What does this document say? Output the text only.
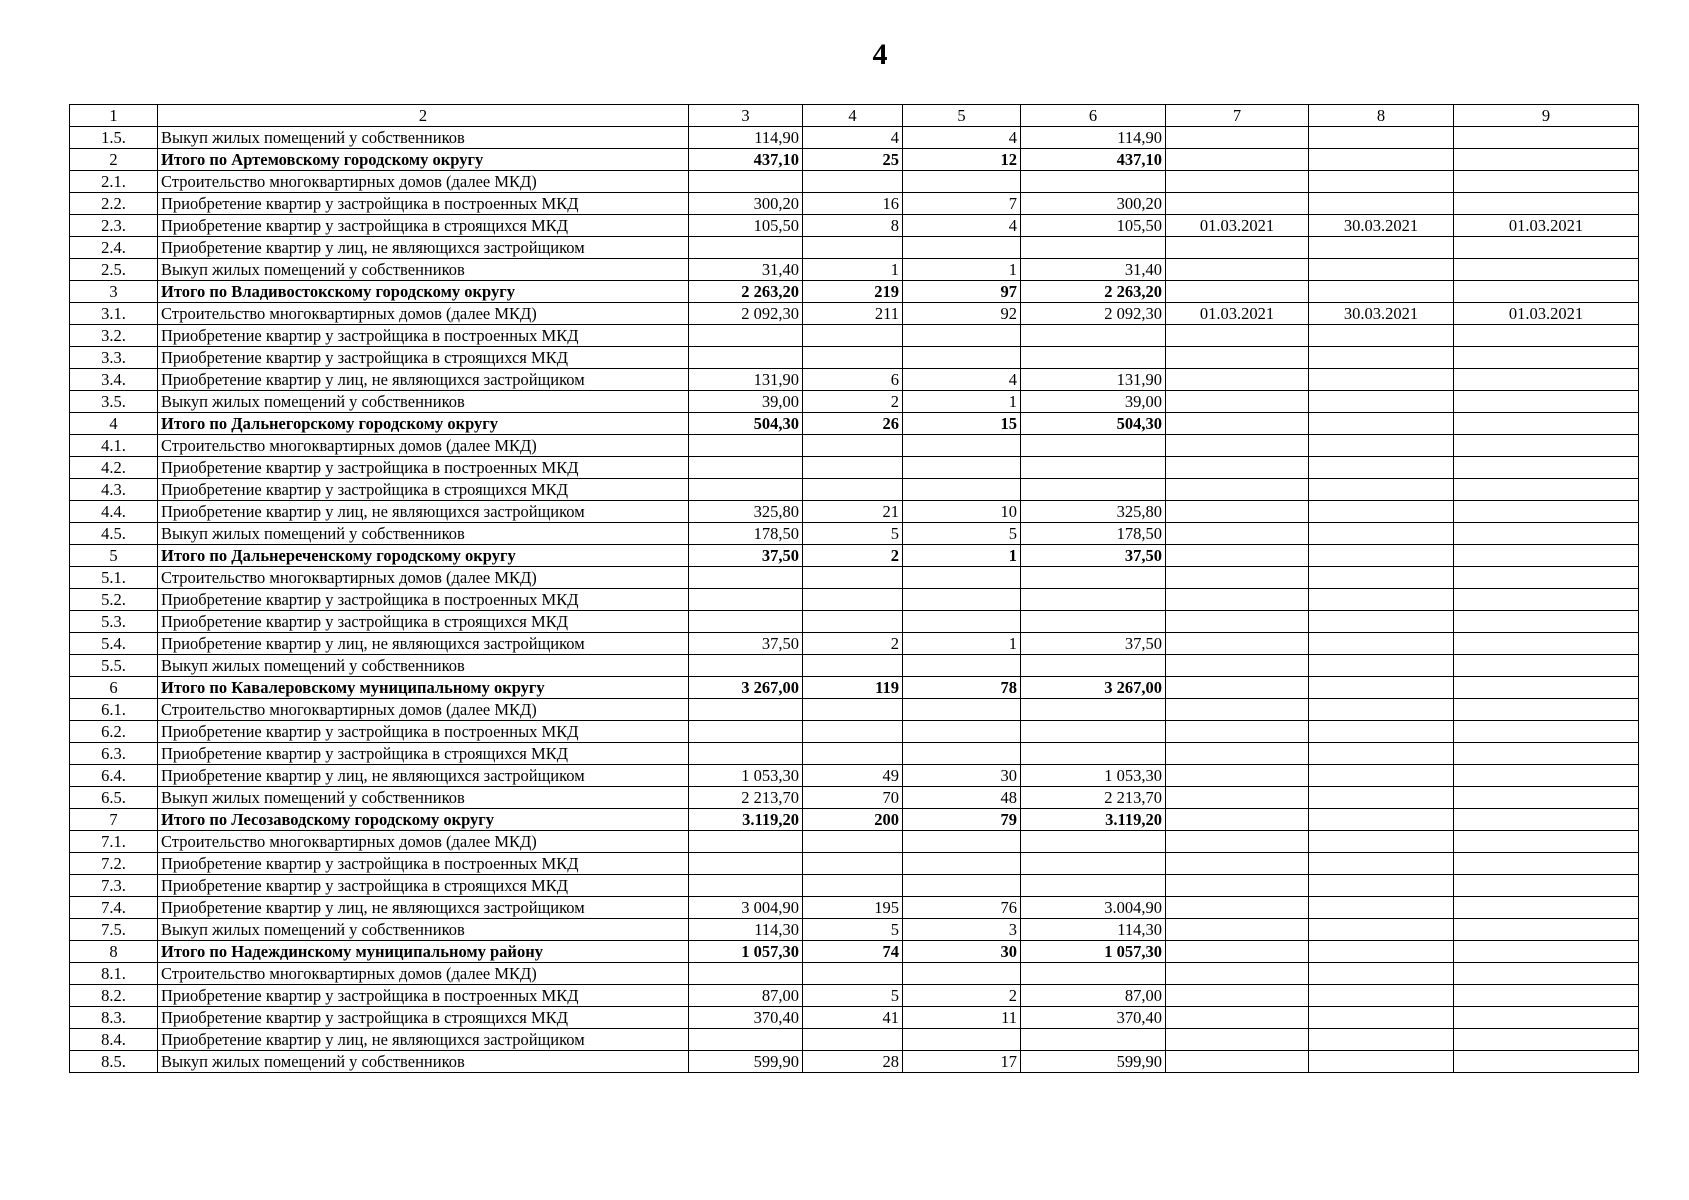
4
1	2	3	4	5	6	7	8	9
1.5.	Выкуп жилых помещений у собственников	114,90	4	4	114,90			
2	Итого по Артемовскому городскому округу	437,10	25	12	437,10			
2.1.	Строительство многоквартирных домов (далее МКД)							
2.2.	Приобретение квартир у застройщика в построенных МКД	300,20	16	7	300,20			
2.3.	Приобретение квартир у застройщика в строящихся МКД	105,50	8	4	105,50	01.03.2021	30.03.2021	01.03.2021
2.4.	Приобретение квартир у лиц, не являющихся застройщиком							
2.5.	Выкуп жилых помещений у собственников	31,40	1	1	31,40			
3	Итого по Владивостокскому городскому округу	2 263,20	219	97	2 263,20			
3.1.	Строительство многоквартирных домов (далее МКД)	2 092,30	211	92	2 092,30	01.03.2021	30.03.2021	01.03.2021
3.2.	Приобретение квартир у застройщика в построенных МКД							
3.3.	Приобретение квартир у застройщика в строящихся МКД							
3.4.	Приобретение квартир у лиц, не являющихся застройщиком	131,90	6	4	131,90			
3.5.	Выкуп жилых помещений у собственников	39,00	2	1	39,00			
4	Итого по Дальнегорскому городскому округу	504,30	26	15	504,30			
4.1.	Строительство многоквартирных домов (далее МКД)							
4.2.	Приобретение квартир у застройщика в построенных МКД							
4.3.	Приобретение квартир у застройщика в строящихся МКД							
4.4.	Приобретение квартир у лиц, не являющихся застройщиком	325,80	21	10	325,80			
4.5.	Выкуп жилых помещений у собственников	178,50	5	5	178,50			
5	Итого по Дальнереченскому городскому округу	37,50	2	1	37,50			
5.1.	Строительство многоквартирных домов (далее МКД)							
5.2.	Приобретение квартир у застройщика в построенных МКД							
5.3.	Приобретение квартир у застройщика в строящихся МКД							
5.4.	Приобретение квартир у лиц, не являющихся застройщиком	37,50	2	1	37,50			
5.5.	Выкуп жилых помещений у собственников							
6	Итого по Кавалеровскому муниципальному округу	3 267,00	119	78	3 267,00			
6.1.	Строительство многоквартирных домов (далее МКД)							
6.2.	Приобретение квартир у застройщика в построенных МКД							
6.3.	Приобретение квартир у застройщика в строящихся МКД							
6.4.	Приобретение квартир у лиц, не являющихся застройщиком	1 053,30	49	30	1 053,30			
6.5.	Выкуп жилых помещений у собственников	2 213,70	70	48	2 213,70			
7	Итого по Лесозаводскому городскому округу	3.119,20	200	79	3.119,20			
7.1.	Строительство многоквартирных домов (далее МКД)							
7.2.	Приобретение квартир у застройщика в построенных МКД							
7.3.	Приобретение квартир у застройщика в строящихся МКД							
7.4.	Приобретение квартир у лиц, не являющихся застройщиком	3 004,90	195	76	3.004,90			
7.5.	Выкуп жилых помещений у собственников	114,30	5	3	114,30			
8	Итого по Надеждинскому муниципальному району	1 057,30	74	30	1 057,30			
8.1.	Строительство многоквартирных домов (далее МКД)							
8.2.	Приобретение квартир у застройщика в построенных МКД	87,00	5	2	87,00			
8.3.	Приобретение квартир у застройщика в строящихся МКД	370,40	41	11	370,40			
8.4.	Приобретение квартир у лиц, не являющихся застройщиком							
8.5.	Выкуп жилых помещений у собственников	599,90	28	17	599,90			
